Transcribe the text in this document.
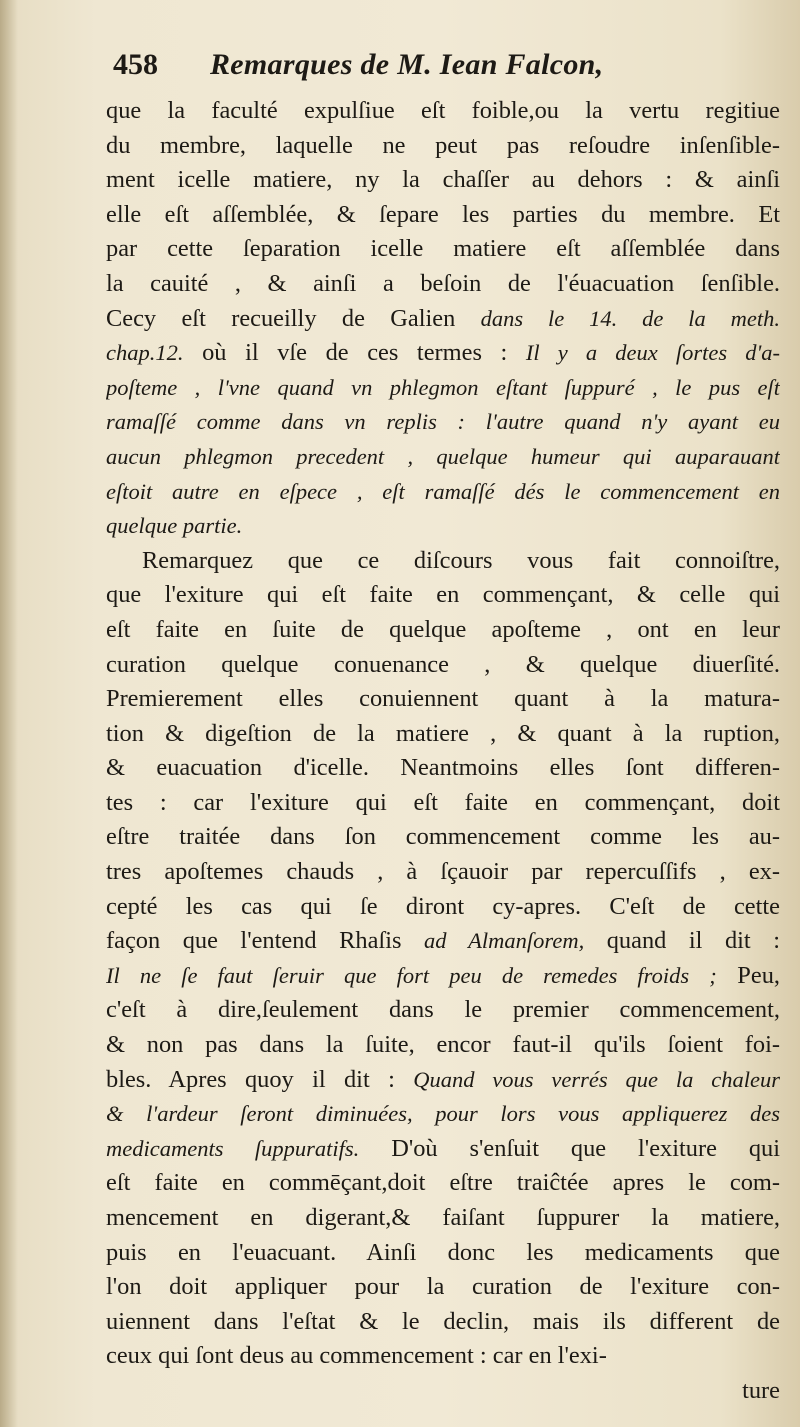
458 Remarques de M. Iean Falcon,
que la faculté expulſiue eſt foible,ou la vertu regitiue
du membre, laquelle ne peut pas reſoudre inſenſible-
ment icelle matiere, ny la chaſſer au dehors : & ainſi
elle eſt aſſemblée, & ſepare les parties du membre. Et
par cette ſeparation icelle matiere eſt aſſemblée dans
la cauité , & ainſi a beſoin de l'éuacuation ſenſible.
Cecy eſt recueilly de Galien dans le 14. de la meth.
chap.12. où il vſe de ces termes : Il y a deux ſortes d'a-
poſteme , l'vne quand vn phlegmon eſtant ſuppuré , le pus eſt
ramaſſé comme dans vn replis : l'autre quand n'y ayant eu
aucun phlegmon precedent , quelque humeur qui auparauant
eſtoit autre en eſpece , eſt ramaſſé dés le commencement en
quelque partie.
Remarquez que ce diſcours vous fait connoiſtre,
que l'exiture qui eſt faite en commençant, & celle qui
eſt faite en ſuite de quelque apoſteme , ont en leur
curation quelque conuenance , & quelque diuerſité.
Premierement elles conuiennent quant à la matura-
tion & digeſtion de la matiere , & quant à la ruption,
& euacuation d'icelle. Neantmoins elles ſont differen-
tes : car l'exiture qui eſt faite en commençant, doit
eſtre traitée dans ſon commencement comme les au-
tres apoſtemes chauds , à ſçauoir par repercuſſifs , ex-
cepté les cas qui ſe diront cy-apres. C'eſt de cette
façon que l'entend Rhaſis ad Almanſorem, quand il dit :
Il ne ſe faut ſeruir que fort peu de remedes froids ; Peu,
c'eſt à dire,ſeulement dans le premier commencement,
& non pas dans la ſuite, encor faut-il qu'ils ſoient foi-
bles. Apres quoy il dit : Quand vous verrés que la chaleur
& l'ardeur ſeront diminuées, pour lors vous appliquerez des
medicaments ſuppuratifs. D'où s'enſuit que l'exiture qui
eſt faite en commēçant,doit eſtre traiĉtée apres le com-
mencement en digerant,& faiſant ſuppurer la matiere,
puis en l'euacuant. Ainſi donc les medicaments que
l'on doit appliquer pour la curation de l'exiture con-
uiennent dans l'eſtat & le declin, mais ils different de
ceux qui ſont deus au commencement : car en l'exi-
ture
